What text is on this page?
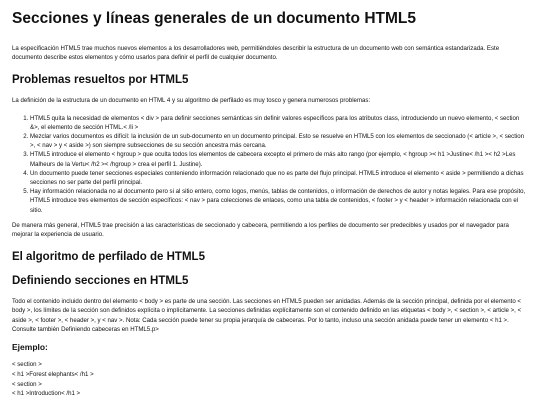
Secciones y líneas generales de un documento HTML5

La especificación HTML5 trae muchos nuevos elementos a los desarrolladores web, permitiéndoles describir la estructura de un documento web con semántica estandarizada. Este documento describe estos elementos y cómo usarlos para definir el perfil de cualquier documento.

Problemas resueltos por HTML5

La definición de la estructura de un documento en HTML 4 y su algoritmo de perfilado es muy tosco y genera numerosos problemas:

1. HTML5 quita la necesidad de elementos < div > para definir secciones semánticas sin definir valores específicos para los atributos class, introduciendo un nuevo elemento, < section &>, el elemento de sección HTML.< /li >
2. Mezclar varios documentos es difícil: la inclusión de un sub-documento en un documento principal. Esto se resuelve en HTML5 con los elementos de seccionado (< article >, < section >, < nav > y < aside >) son siempre subsecciones de su sección ancestra más cercana.
3. HTML5 introduce el elemento < hgroup > que oculta todos los elementos de cabecera excepto el primero de más alto rango (por ejemplo, < hgroup >< h1 >Justine< /h1 >< h2 >Les Malheurs de la Vertu< /h2 >< /hgroup > crea el perfil 1. Justine).
4. Un documento puede tener secciones especiales conteniendo información relacionado que no es parte del flujo principal. HTML5 introduce el elemento < aside > permitiendo a dichas secciones no ser parte del perfil principal.
5. Hay información relacionada no al documento pero si al sitio entero, como logos, menús, tablas de contenidos, o información de derechos de autor y notas legales. Para ese propósito, HTML5 introduce tres elementos de sección específicos: < nav > para colecciones de enlaces, como una tabla de contenidos, < footer > y < header > información relacionada con el sitio.

De manera más general, HTML5 trae precisión a las características de seccionado y cabecera, permitiendo a los perfiles de documento ser predecibles y usados por el navegador para mejorar la experiencia de usuario.

El algoritmo de perfilado de HTML5
Definiendo secciones en HTML5

Todo el contenido incluido dentro del elemento < body > es parte de una sección. Las secciones en HTML5 pueden ser anidadas. Además de la sección principal, definida por el elemento < body >, los límites de la sección son definidos explícita o implícitamente. La secciones definidas explícitamente son el contenido definido en las etiquetas < body >, < section >, < article >, < aside >, < footer >, < header >, y < nav >. Nota: Cada sección puede tener su propia jerarquía de cabeceras. Por lo tanto, incluso una sección anidada puede tener un elemento < h1 >. Consulte también Definiendo cabeceras en HTML5.p>

Ejemplo:
< section >
< h1 >Forest elephants< /h1 >
< section >
< h1 >Introduction< /h1 >
